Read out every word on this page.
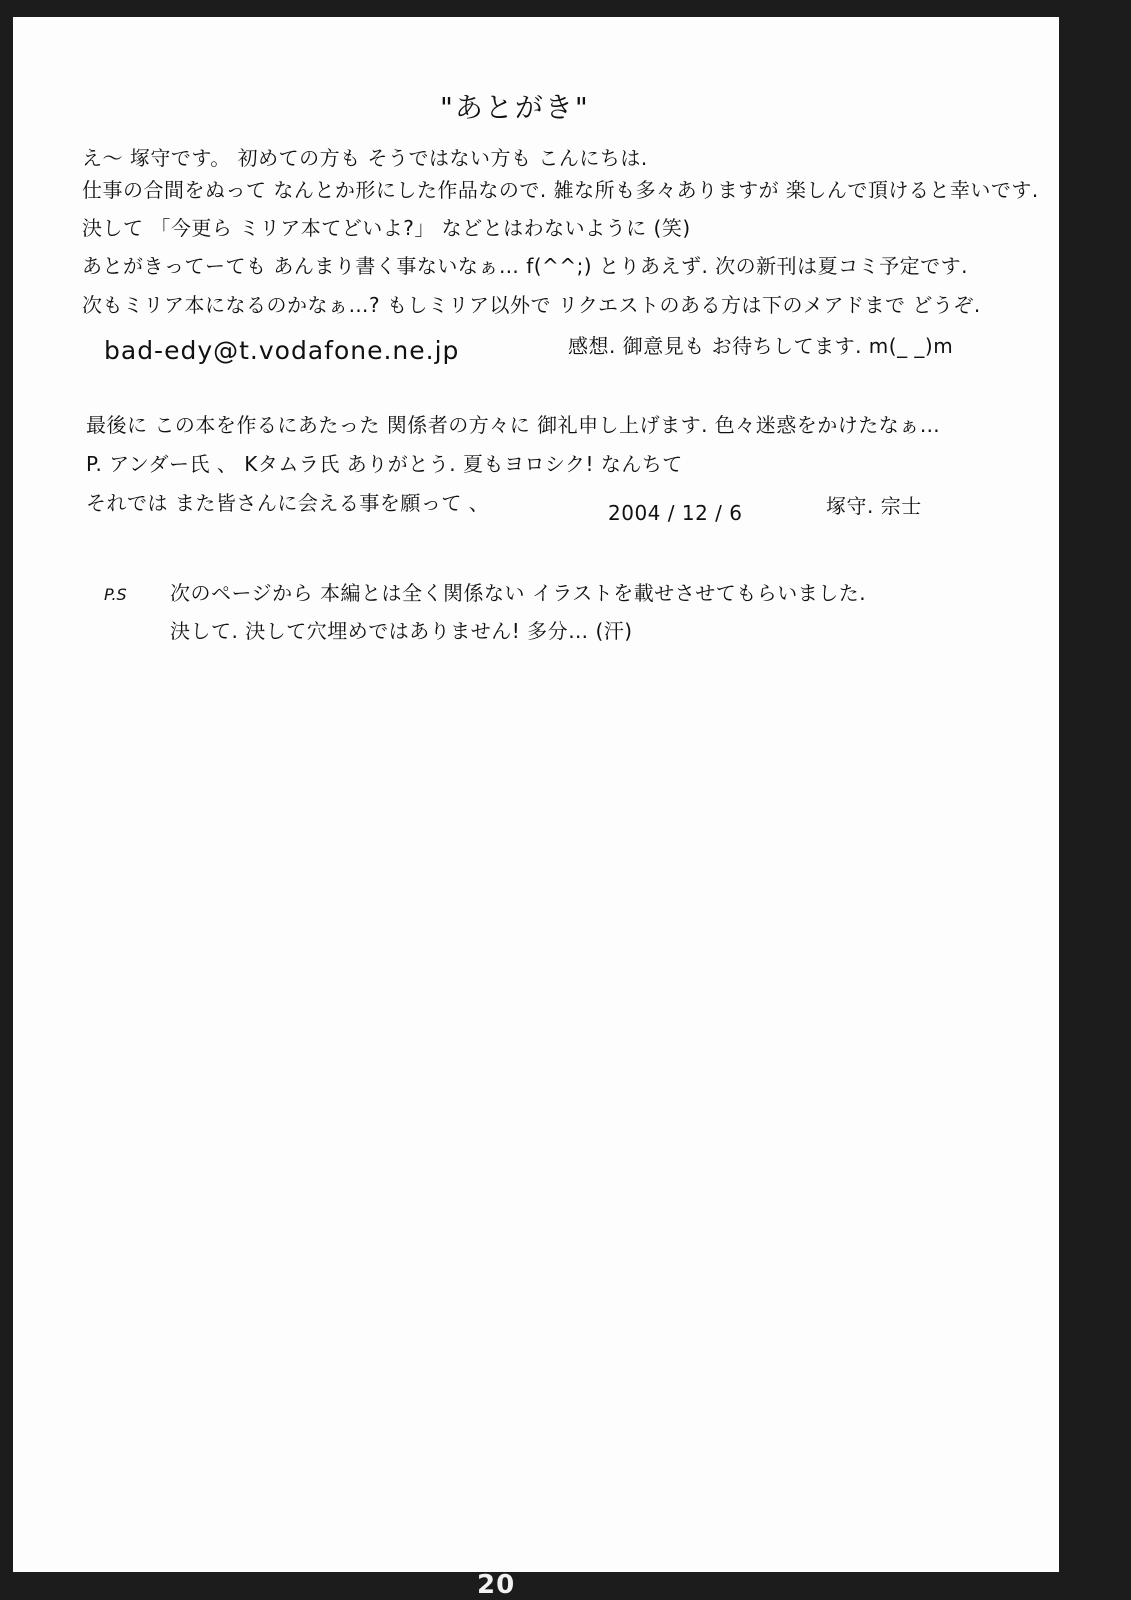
"あとがき"
え〜 塚守です。 初めての方も そうではない方も こんにちは.
仕事の合間をぬって なんとか形にした作品なので. 雑な所も多々ありますが 楽しんで頂けると幸いです.
決して 「今更ら ミリア本てどいよ?」 などとはわないように (笑)
あとがきってーても あんまり書く事ないなぁ… f(^^;) とりあえず. 次の新刊は夏コミ予定です.
次もミリア本になるのかなぁ…? もしミリア以外で リクエストのある方は下のメアドまで どうぞ.
bad-edy@t.vodafone.ne.jp	感想. 御意見も お待ちしてます. m(_ _)m
最後に この本を作るにあたった 関係者の方々に 御礼申し上げます. 色々迷惑をかけたなぁ…
P. アンダー氏 、 Kタムラ氏 ありがとう. 夏もヨロシク! なんちて
それでは また皆さんに会える事を願って 、	2004 / 12 / 6	塚守. 宗士
P.S 次のページから 本編とは全く関係ない イラストを載せさせてもらいました.
決して. 決して穴埋めではありません! 多分… (汗)
20
